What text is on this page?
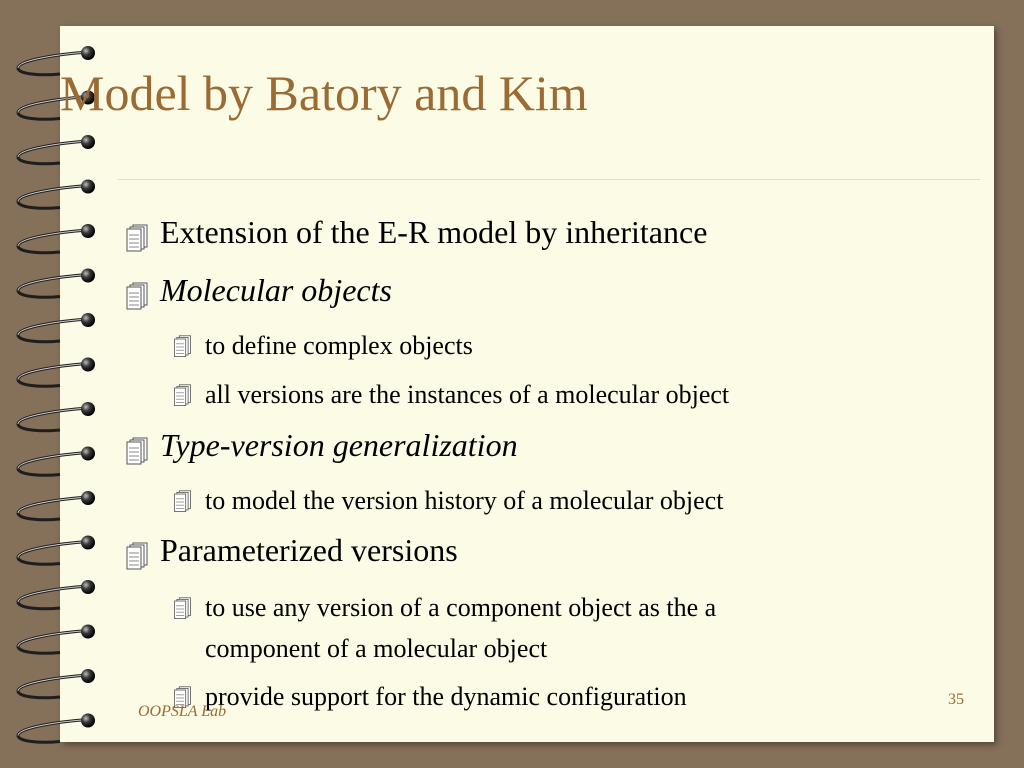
Model by Batory and Kim
Extension of the E-R model by inheritance
Molecular objects
to define complex objects
all versions are the instances of a molecular object
Type-version generalization
to model the version history of a molecular object
Parameterized versions
to use any version of a component object as the a
component of a molecular object
provide support for the dynamic configuration
OOPSLA Lab
35
